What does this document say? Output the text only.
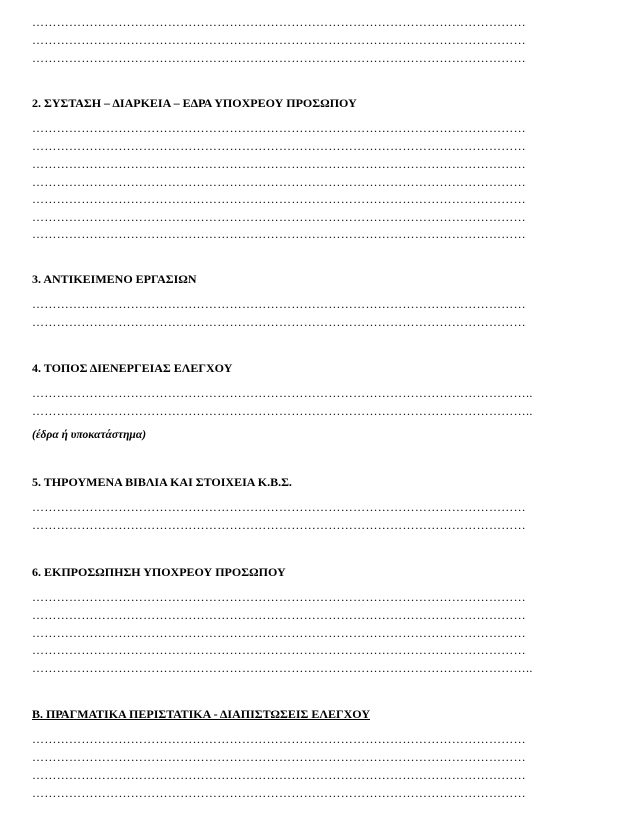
…………………………………………………………………………………………………………
…………………………………………………………………………………………………………
…………………………………………………………………………………………………………
2. ΣΥΣΤΑΣΗ – ΔΙΑΡΚΕΙΑ – ΕΔΡΑ ΥΠΟΧΡΕΟΥ ΠΡΟΣΩΠΟΥ
…………………………………………………………………………………………………………
…………………………………………………………………………………………………………
…………………………………………………………………………………………………………
…………………………………………………………………………………………………………
…………………………………………………………………………………………………………
…………………………………………………………………………………………………………
…………………………………………………………………………………………………………
3. ΑΝΤΙΚΕΙΜΕΝΟ ΕΡΓΑΣΙΩΝ
…………………………………………………………………………………………………………
…………………………………………………………………………………………………………
4. ΤΟΠΟΣ ΔΙΕΝΕΡΓΕΙΑΣ ΕΛΕΓΧΟΥ
…………………………………………………………………………………………………………..
…………………………………………………………………………………………………………..
(έδρα ή υποκατάστημα)
5. ΤΗΡΟΥΜΕΝΑ ΒΙΒΛΙΑ ΚΑΙ ΣΤΟΙΧΕΙΑ Κ.Β.Σ.
…………………………………………………………………………………………………………
…………………………………………………………………………………………………………
6. ΕΚΠΡΟΣΩΠΗΣΗ ΥΠΟΧΡΕΟΥ ΠΡΟΣΩΠΟΥ
…………………………………………………………………………………………………………
…………………………………………………………………………………………………………
…………………………………………………………………………………………………………
…………………………………………………………………………………………………………
…………………………………………………………………………………………………………..
Β. ΠΡΑΓΜΑΤΙΚΑ ΠΕΡΙΣΤΑΤΙΚΑ - ΔΙΑΠΙΣΤΩΣΕΙΣ ΕΛΕΓΧΟΥ
…………………………………………………………………………………………………………
…………………………………………………………………………………………………………
…………………………………………………………………………………………………………
…………………………………………………………………………………………………………
